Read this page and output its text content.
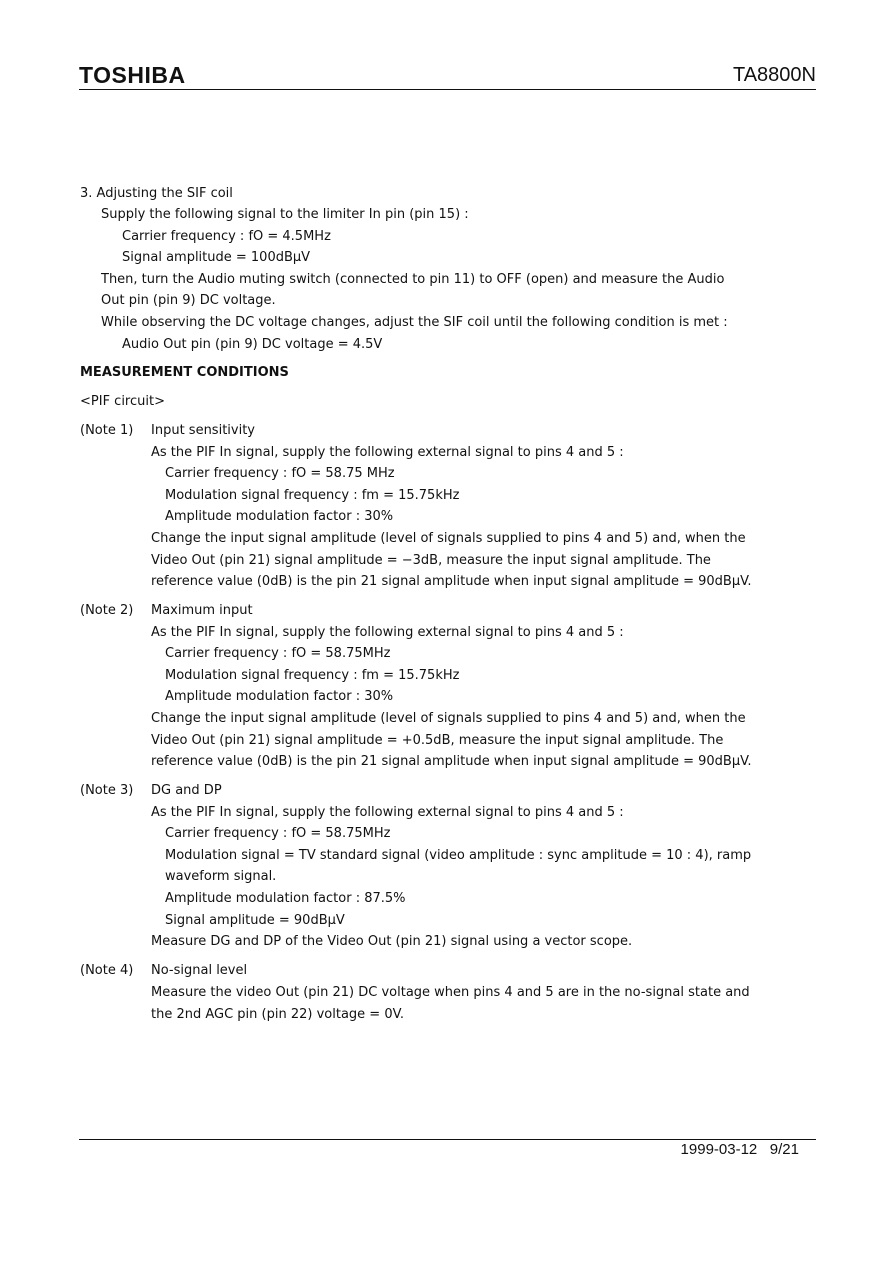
TOSHIBA	TA8800N
3. Adjusting the SIF coil
Supply the following signal to the limiter In pin (pin 15) :
Carrier frequency : fO = 4.5MHz
Signal amplitude = 100dBμV
Then, turn the Audio muting switch (connected to pin 11) to OFF (open) and measure the Audio
Out pin (pin 9) DC voltage.
While observing the DC voltage changes, adjust the SIF coil until the following condition is met :
Audio Out pin (pin 9) DC voltage = 4.5V
MEASUREMENT CONDITIONS
<PIF circuit>
(Note 1) Input sensitivity
As the PIF In signal, supply the following external signal to pins 4 and 5 :
Carrier frequency : fO = 58.75 MHz
Modulation signal frequency : fm = 15.75kHz
Amplitude modulation factor : 30%
Change the input signal amplitude (level of signals supplied to pins 4 and 5) and, when the
Video Out (pin 21) signal amplitude = −3dB, measure the input signal amplitude. The
reference value (0dB) is the pin 21 signal amplitude when input signal amplitude = 90dBμV.
(Note 2) Maximum input
As the PIF In signal, supply the following external signal to pins 4 and 5 :
Carrier frequency : fO = 58.75MHz
Modulation signal frequency : fm = 15.75kHz
Amplitude modulation factor : 30%
Change the input signal amplitude (level of signals supplied to pins 4 and 5) and, when the
Video Out (pin 21) signal amplitude = +0.5dB, measure the input signal amplitude. The
reference value (0dB) is the pin 21 signal amplitude when input signal amplitude = 90dBμV.
(Note 3) DG and DP
As the PIF In signal, supply the following external signal to pins 4 and 5 :
Carrier frequency : fO = 58.75MHz
Modulation signal = TV standard signal (video amplitude : sync amplitude = 10 : 4), ramp
waveform signal.
Amplitude modulation factor : 87.5%
Signal amplitude = 90dBμV
Measure DG and DP of the Video Out (pin 21) signal using a vector scope.
(Note 4) No-signal level
Measure the video Out (pin 21) DC voltage when pins 4 and 5 are in the no-signal state and
the 2nd AGC pin (pin 22) voltage = 0V.
1999-03-12 9/21
